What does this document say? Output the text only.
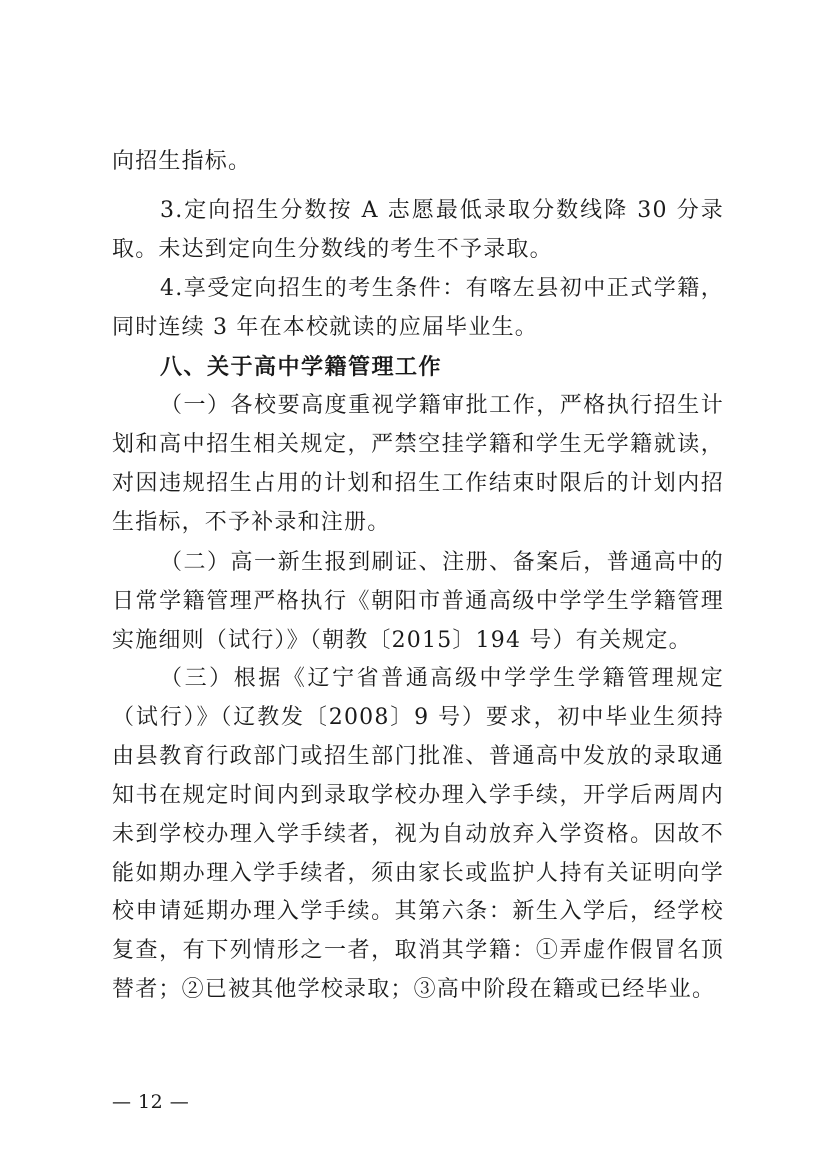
向招生指标。

3.定向招生分数按 A 志愿最低录取分数线降 30 分录取。未达到定向生分数线的考生不予录取。

4.享受定向招生的考生条件：有喀左县初中正式学籍，同时连续 3 年在本校就读的应届毕业生。

八、关于高中学籍管理工作

（一）各校要高度重视学籍审批工作，严格执行招生计划和高中招生相关规定，严禁空挂学籍和学生无学籍就读，对因违规招生占用的计划和招生工作结束时限后的计划内招生指标，不予补录和注册。

（二）高一新生报到刷证、注册、备案后，普通高中的日常学籍管理严格执行《朝阳市普通高级中学学生学籍管理实施细则（试行）》（朝教〔2015〕194 号）有关规定。

（三）根据《辽宁省普通高级中学学生学籍管理规定（试行）》（辽教发〔2008〕9 号）要求，初中毕业生须持由县教育行政部门或招生部门批准、普通高中发放的录取通知书在规定时间内到录取学校办理入学手续，开学后两周内未到学校办理入学手续者，视为自动放弃入学资格。因故不能如期办理入学手续者，须由家长或监护人持有关证明向学校申请延期办理入学手续。其第六条：新生入学后，经学校复查，有下列情形之一者，取消其学籍：①弄虚作假冒名顶替者；②已被其他学校录取；③高中阶段在籍或已经毕业。

— 12 —
